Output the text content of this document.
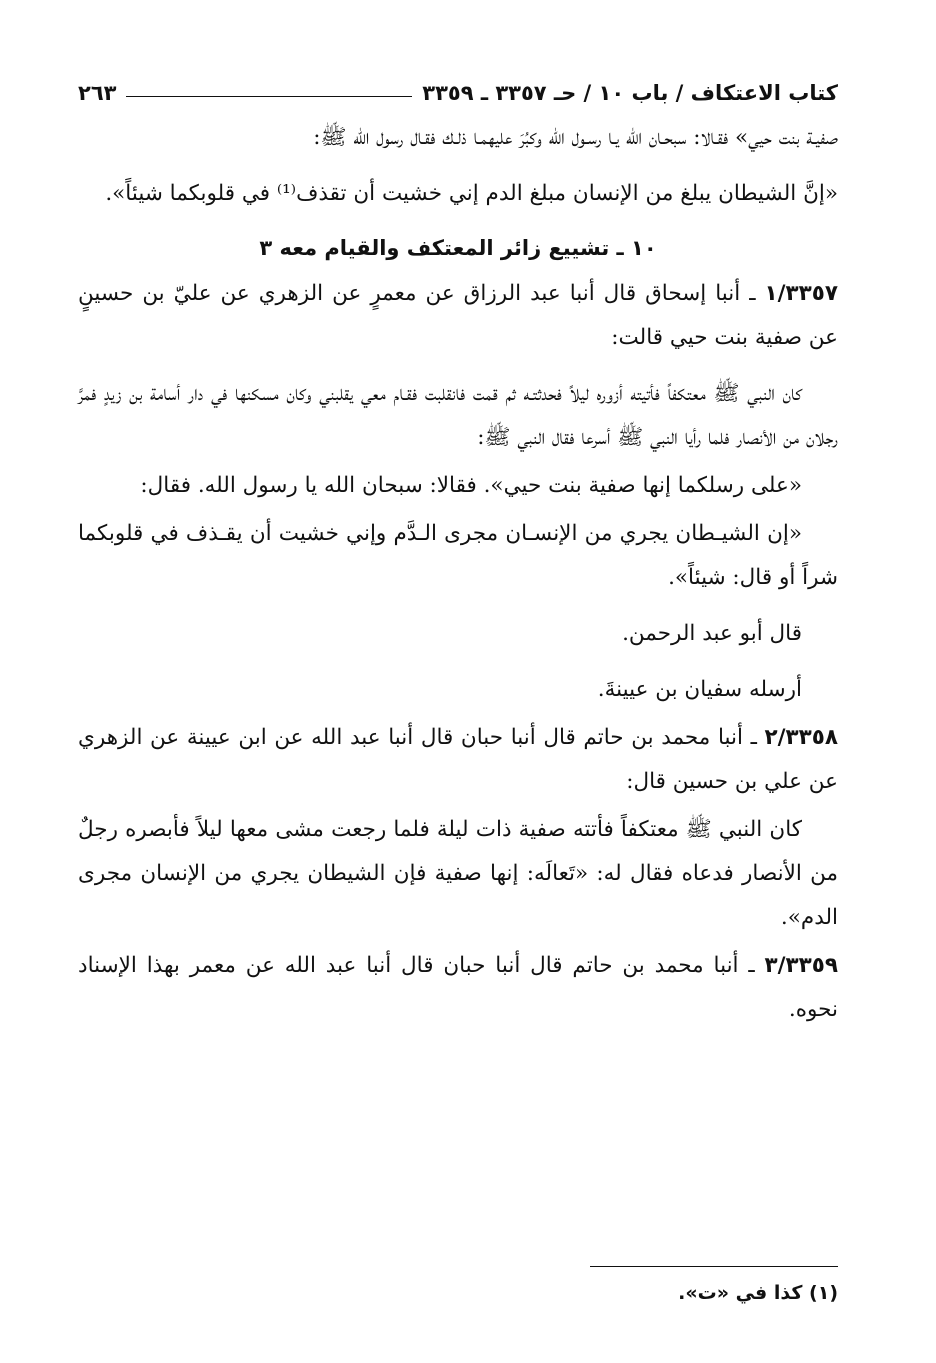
كتاب الاعتكاف / باب ١٠ / حـ ٣٣٥٧ ـ ٣٣٥٩
٢٦٣

صفيـة بنت حيي» فقـالا: سبحـان الله يـا رسـول الله وكبُرَ عليهمـا ذلـك فقـال رسول الله ﷺ:

«إنَّ الشيطان يبلغ من الإنسان مبلغ الدم إني خشيت أن تقذف⁽¹⁾ في قلوبكما شيئاً».

١٠ ـ تشييع زائر المعتكف والقيام معه ٣

١/٣٣٥٧ ـ أنبا إسحاق قال أنبا عبد الرزاق عن معمرٍ عن الزهري عن عليّ بن حسينٍ عن صفية بنت حيي قالت:

كان النبي ﷺ معتكفاً فأتيته أزوره ليلاً فحدثتـه ثم قمت فانقلبت فقـام معي يقلبني وكان مسكنها في دار أسامة بن زيدٍ فمرَّ رجلان من الأنصار فلما رأيا النبي ﷺ أسرعا فقال النبي ﷺ:

«على رسلكما إنها صفية بنت حيي». فقالا: سبحان الله يا رسول الله. فقال:

«إن الشيـطان يجري من الإنسـان مجرى الـدَّم وإني خشيت أن يقـذف في قلوبكما شراً أو قال: شيئاً».

قال أبو عبد الرحمن.

أرسله سفيان بن عيينةَ.

٢/٣٣٥٨ ـ أنبا محمد بن حاتم قال أنبا حبان قال أنبا عبد الله عن ابن عيينة عن الزهري عن علي بن حسين قال:

كان النبي ﷺ معتكفاً فأتته صفية ذات ليلة فلما رجعت مشى معها ليلاً فأبصره رجلٌ من الأنصار فدعاه فقال له: «تَعالَه: إنها صفية فإن الشيطان يجري من الإنسان مجرى الدم».

٣/٣٣٥٩ ـ أنبا محمد بن حاتم قال أنبا حبان قال أنبا عبد الله عن معمر بهذا الإسناد نحوه.

(١) كذا في «ت».
